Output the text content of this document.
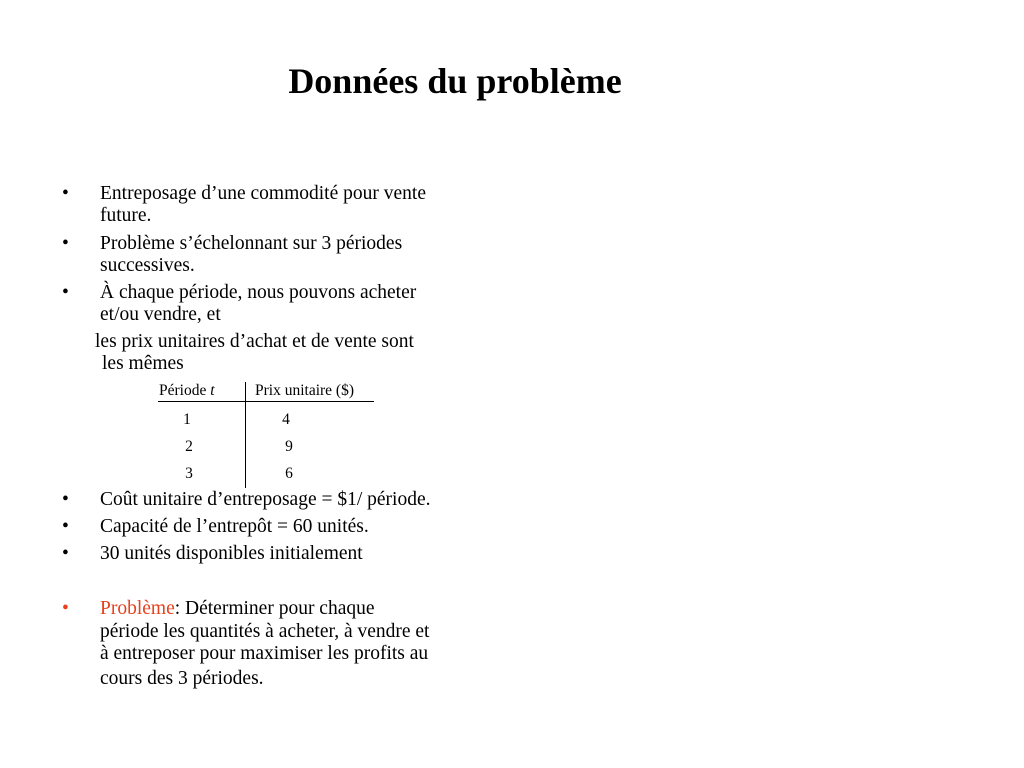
Données du problème
• Entreposage d’une commodité pour vente
future.
• Problème s’échelonnant sur 3 périodes
successives.
• À chaque période, nous pouvons acheter
et/ou vendre, et
les prix unitaires d’achat et de vente sont
les mêmes
Période t	Prix unitaire ($)
1	4
2	9
3	6
• Coût unitaire d’entreposage = $1/ période.
• Capacité de l’entrepôt = 60 unités.
• 30 unités disponibles initialement
• Problème: Déterminer pour chaque
période les quantités à acheter, à vendre et
à entreposer pour maximiser les profits au
cours des 3 périodes.
